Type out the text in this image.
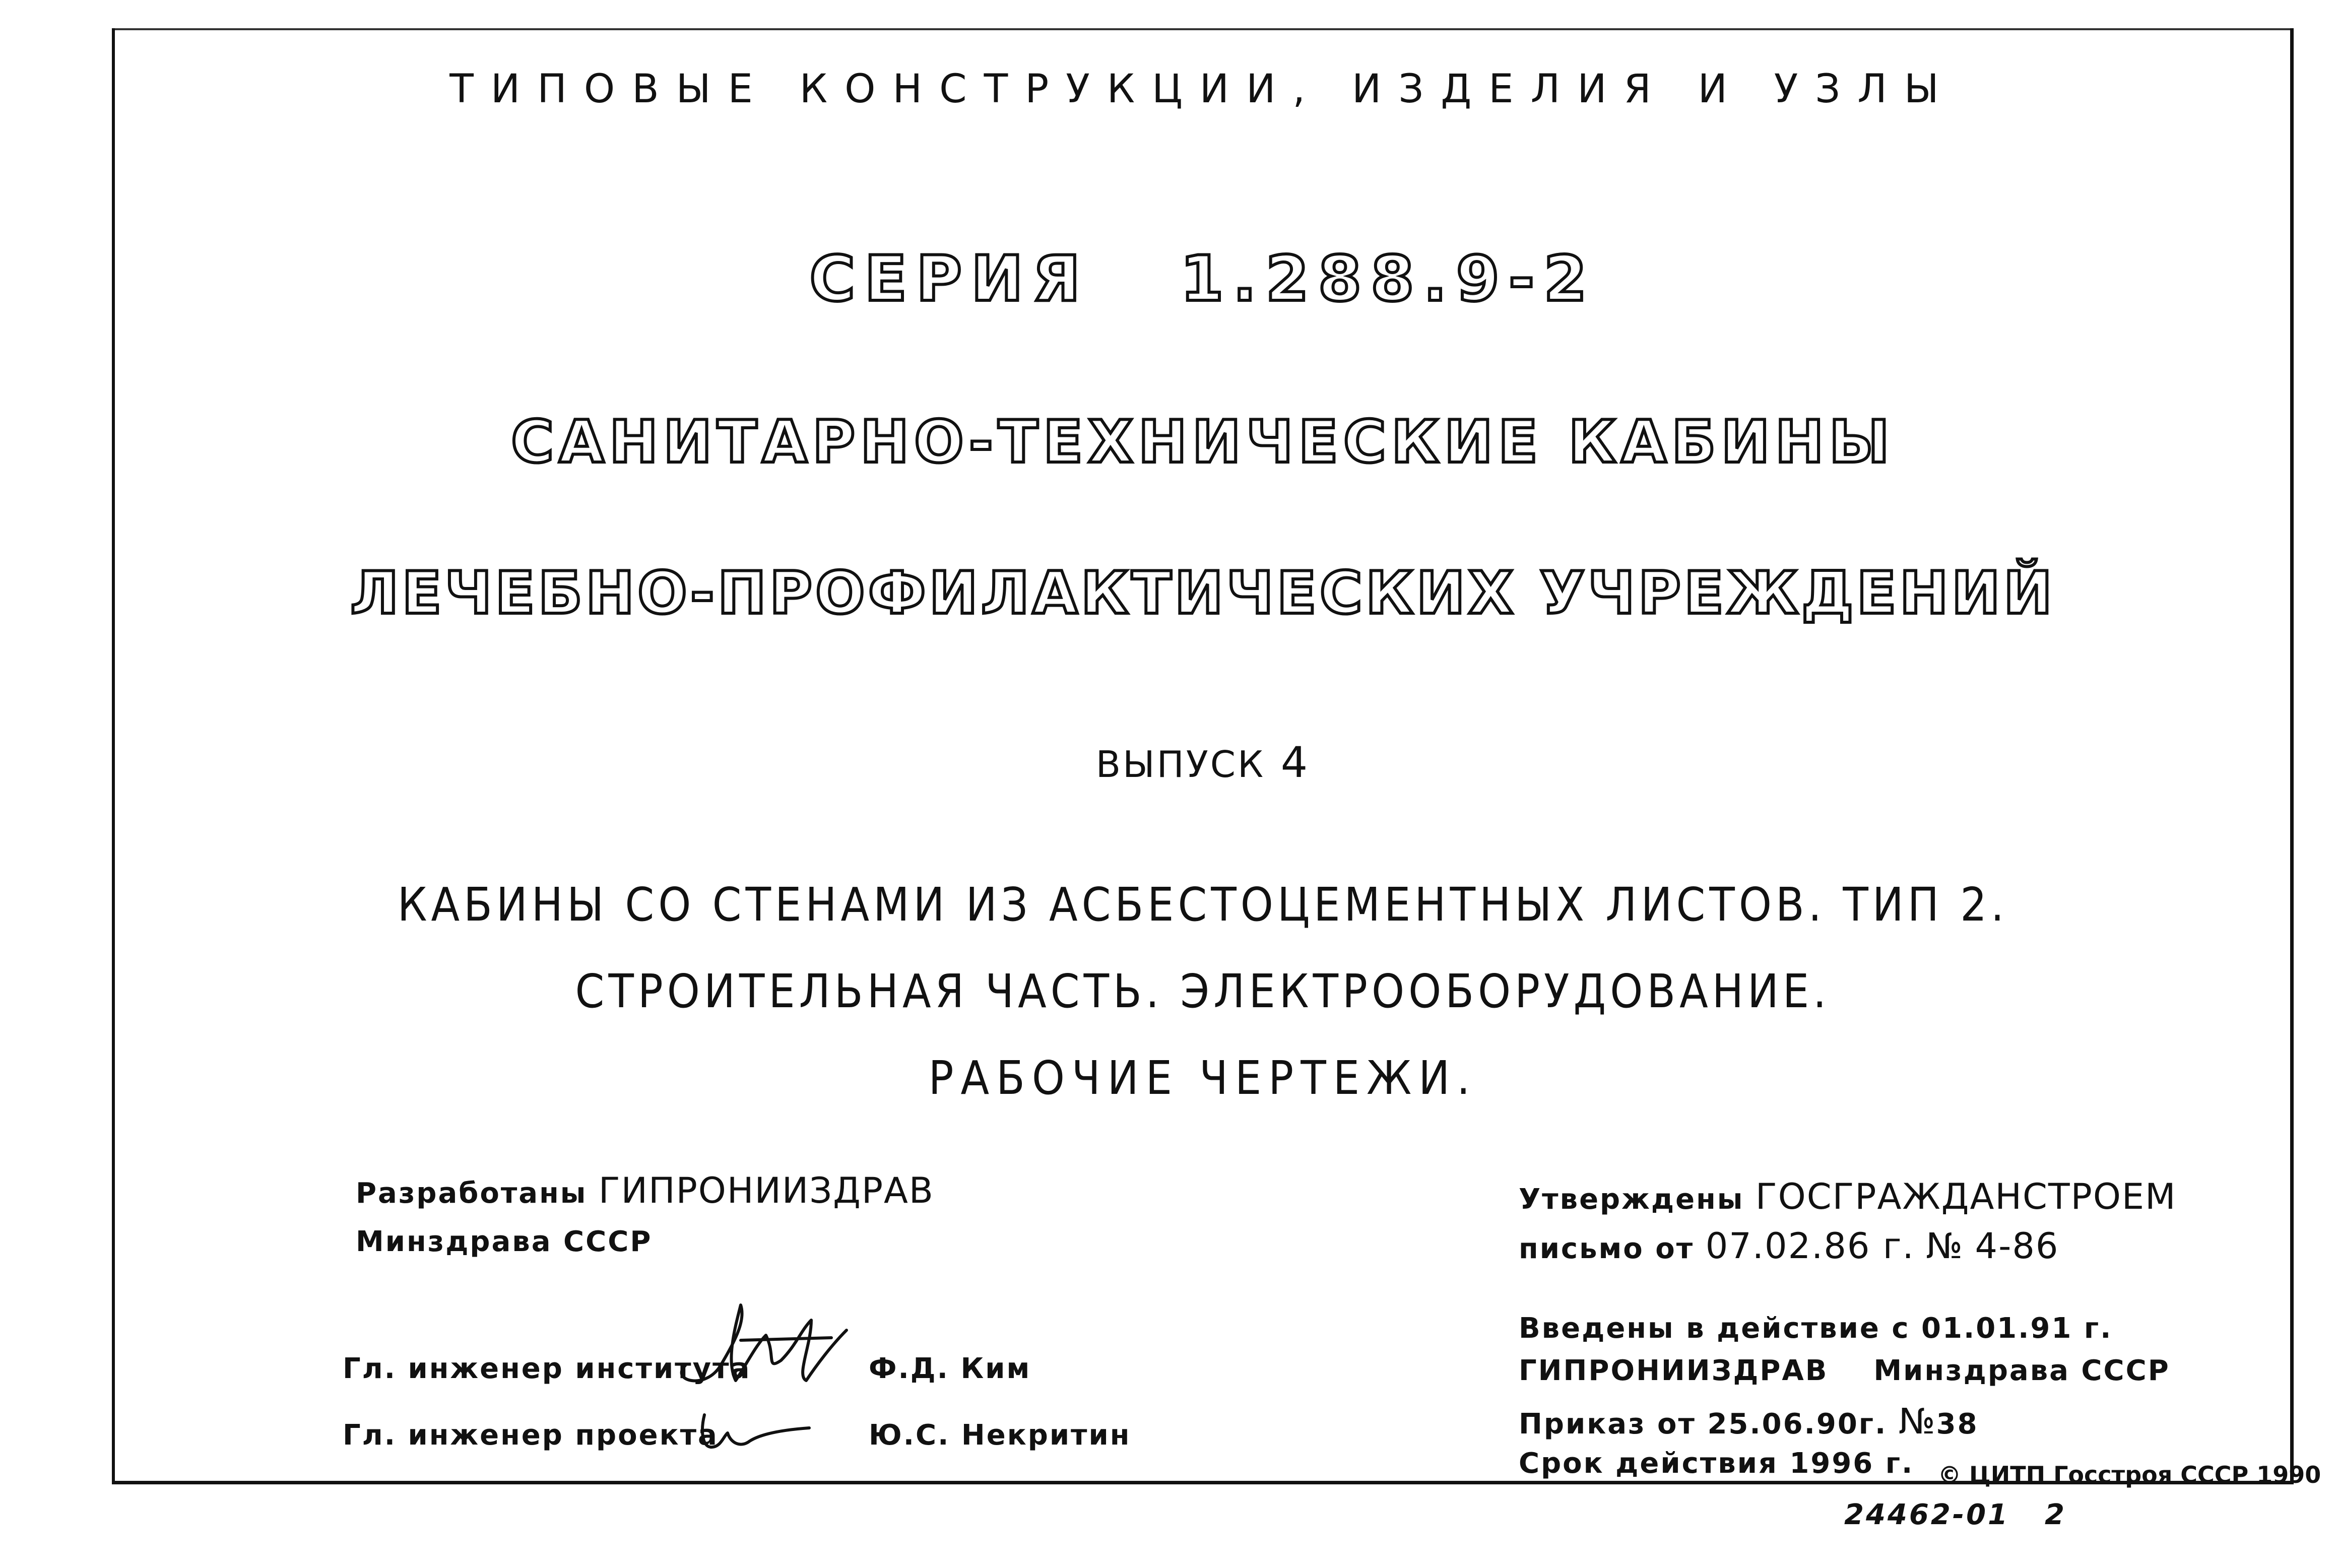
ТИПОВЫЕ КОНСТРУКЦИИ, ИЗДЕЛИЯ И УЗЛЫ
СЕРИЯ 1.288.9-2
САНИТАРНО-ТЕХНИЧЕСКИЕ КАБИНЫ
ЛЕЧЕБНО-ПРОФИЛАКТИЧЕСКИХ УЧРЕЖДЕНИЙ
ВЫПУСК 4
КАБИНЫ СО СТЕНАМИ ИЗ АСБЕСТОЦЕМЕНТНЫХ ЛИСТОВ. ТИП 2.
СТРОИТЕЛЬНАЯ ЧАСТЬ. ЭЛЕКТРООБОРУДОВАНИЕ.
РАБОЧИЕ ЧЕРТЕЖИ.
Разработаны ГИПРОНИИЗДРАВ
Минздрава СССР
Гл. инженер института
Гл. инженер проекта
Ф.Д. Ким
Ю.С. Некритин
Утверждены ГОСГРАЖДАНСТРОЕМ
письмо от 07.02.86 г. № 4-86
Введены в действие с 01.01.91 г.
ГИПРОНИИЗДРАВ Минздрава СССР
Приказ от 25.06.90г. №38
Срок действия 1996 г. © ЦИТП Госстроя СССР 1990
24462-01 2
